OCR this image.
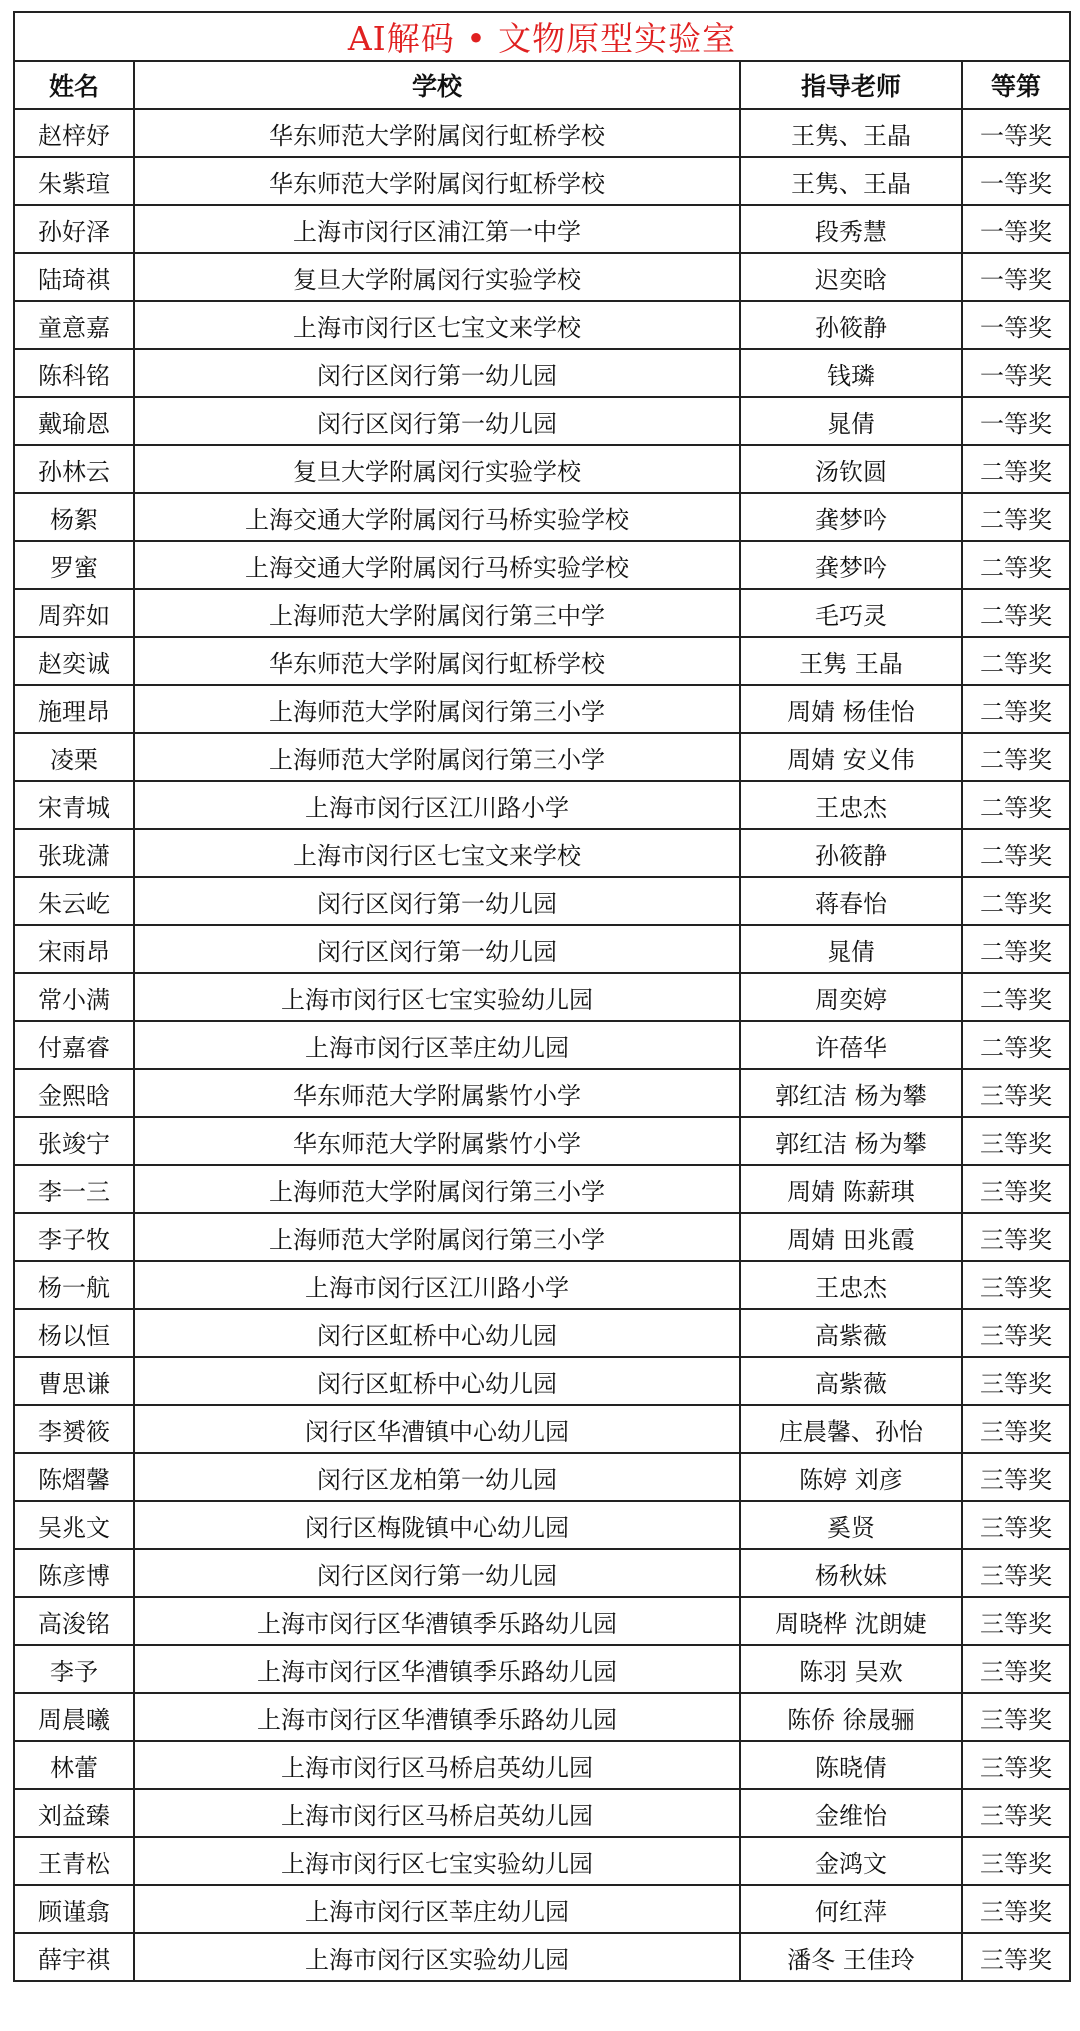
AI解码 • 文物原型实验室			
姓名	学校	指导老师	等第
赵梓妤	华东师范大学附属闵行虹桥学校	王隽、王晶	一等奖
朱紫瑄	华东师范大学附属闵行虹桥学校	王隽、王晶	一等奖
孙好泽	上海市闵行区浦江第一中学	段秀慧	一等奖
陆琦祺	复旦大学附属闵行实验学校	迟奕晗	一等奖
童意嘉	上海市闵行区七宝文来学校	孙筱静	一等奖
陈科铭	闵行区闵行第一幼儿园	钱璘	一等奖
戴瑜恩	闵行区闵行第一幼儿园	晁倩	一等奖
孙林云	复旦大学附属闵行实验学校	汤钦圆	二等奖
杨絮	上海交通大学附属闵行马桥实验学校	龚梦吟	二等奖
罗蜜	上海交通大学附属闵行马桥实验学校	龚梦吟	二等奖
周弈如	上海师范大学附属闵行第三中学	毛巧灵	二等奖
赵奕诚	华东师范大学附属闵行虹桥学校	王隽 王晶	二等奖
施理昂	上海师范大学附属闵行第三小学	周婧 杨佳怡	二等奖
凌栗	上海师范大学附属闵行第三小学	周婧 安义伟	二等奖
宋青城	上海市闵行区江川路小学	王忠杰	二等奖
张珑潇	上海市闵行区七宝文来学校	孙筱静	二等奖
朱云屹	闵行区闵行第一幼儿园	蒋春怡	二等奖
宋雨昂	闵行区闵行第一幼儿园	晁倩	二等奖
常小满	上海市闵行区七宝实验幼儿园	周奕婷	二等奖
付嘉睿	上海市闵行区莘庄幼儿园	许蓓华	二等奖
金熙晗	华东师范大学附属紫竹小学	郭红洁 杨为攀	三等奖
张竣宁	华东师范大学附属紫竹小学	郭红洁 杨为攀	三等奖
李一三	上海师范大学附属闵行第三小学	周婧 陈薪琪	三等奖
李子牧	上海师范大学附属闵行第三小学	周婧 田兆霞	三等奖
杨一航	上海市闵行区江川路小学	王忠杰	三等奖
杨以恒	闵行区虹桥中心幼儿园	高紫薇	三等奖
曹思谦	闵行区虹桥中心幼儿园	高紫薇	三等奖
李赟筱	闵行区华漕镇中心幼儿园	庄晨馨、孙怡	三等奖
陈熠馨	闵行区龙柏第一幼儿园	陈婷 刘彦	三等奖
吴兆文	闵行区梅陇镇中心幼儿园	奚贤	三等奖
陈彦博	闵行区闵行第一幼儿园	杨秋妹	三等奖
高浚铭	上海市闵行区华漕镇季乐路幼儿园	周晓桦 沈朗婕	三等奖
李予	上海市闵行区华漕镇季乐路幼儿园	陈羽 吴欢	三等奖
周晨曦	上海市闵行区华漕镇季乐路幼儿园	陈侨 徐晟骊	三等奖
林蕾	上海市闵行区马桥启英幼儿园	陈晓倩	三等奖
刘益臻	上海市闵行区马桥启英幼儿园	金维怡	三等奖
王青松	上海市闵行区七宝实验幼儿园	金鸿文	三等奖
顾谨翕	上海市闵行区莘庄幼儿园	何红萍	三等奖
薛宇祺	上海市闵行区实验幼儿园	潘冬 王佳玲	三等奖
